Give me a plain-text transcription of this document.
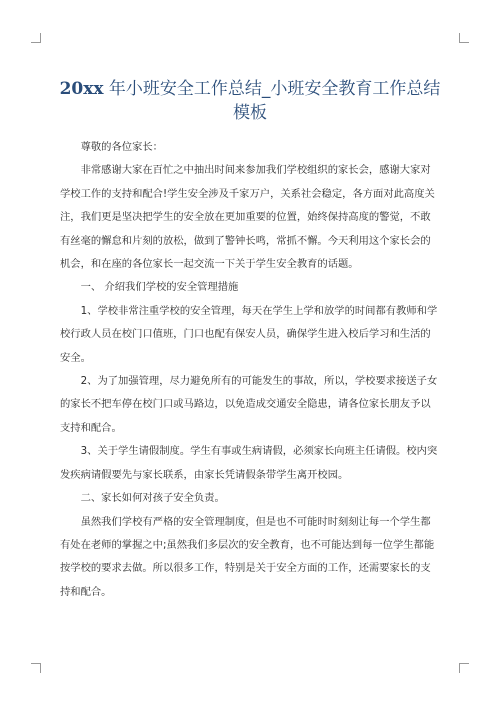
20xx 年小班安全工作总结_小班安全教育工作总结 模板

尊敬的各位家长：

非常感谢大家在百忙之中抽出时间来参加我们学校组织的家长会，感谢大家对学校工作的支持和配合!学生安全涉及千家万户，关系社会稳定，各方面对此高度关注，我们更是坚决把学生的安全放在更加重要的位置，始终保持高度的警觉，不敢有丝毫的懈怠和片刻的放松，做到了警钟长鸣，常抓不懈。今天利用这个家长会的机会，和在座的各位家长一起交流一下关于学生安全教育的话题。

一、 介绍我们学校的安全管理措施

1、学校非常注重学校的安全管理，每天在学生上学和放学的时间都有教师和学校行政人员在校门口值班，门口也配有保安人员，确保学生进入校后学习和生活的安全。

2、为了加强管理，尽力避免所有的可能发生的事故，所以，学校要求接送子女的家长不把车停在校门口或马路边，以免造成交通安全隐患，请各位家长朋友予以支持和配合。

3、关于学生请假制度。学生有事或生病请假，必须家长向班主任请假。校内突发疾病请假要先与家长联系，由家长凭请假条带学生离开校园。

二、家长如何对孩子安全负责。

虽然我们学校有严格的安全管理制度，但是也不可能时时刻刻让每一个学生都有处在老师的掌握之中;虽然我们多层次的安全教育，也不可能达到每一位学生都能按学校的要求去做。所以很多工作，特别是关于安全方面的工作，还需要家长的支持和配合。
